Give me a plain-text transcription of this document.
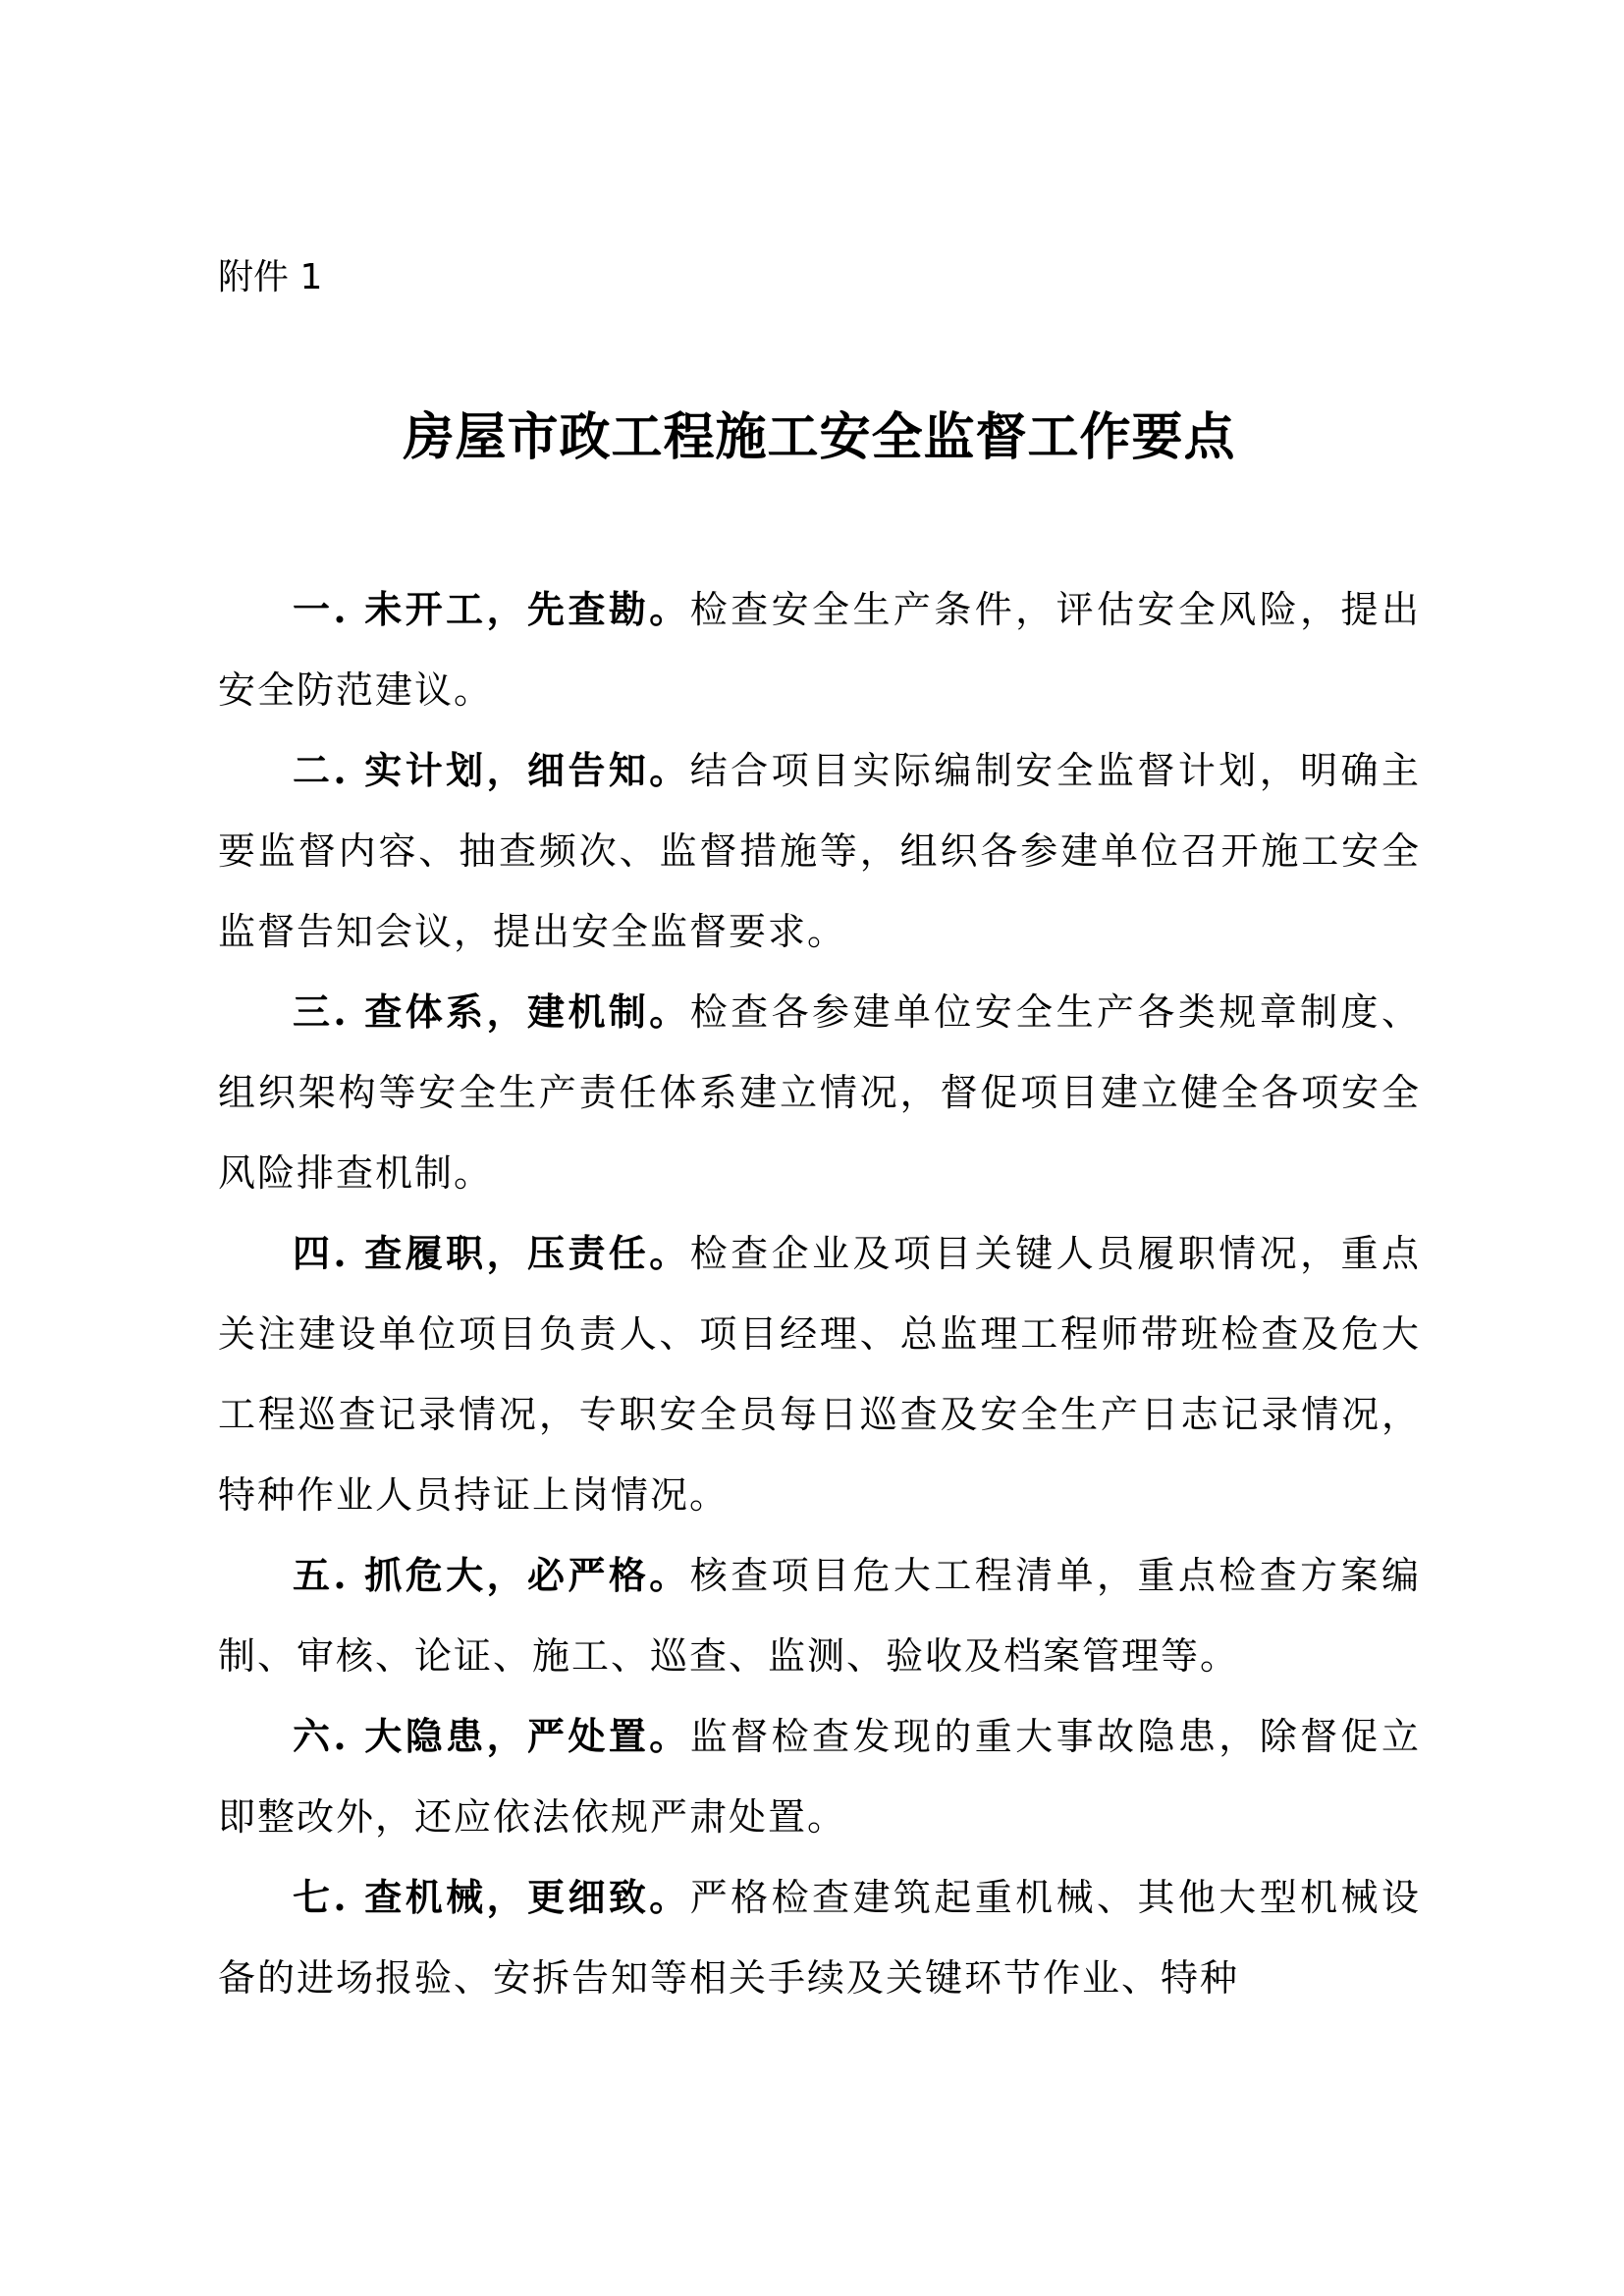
附件 1

房屋市政工程施工安全监督工作要点

一. 未开工，先查勘。检查安全生产条件，评估安全风险，提出安全防范建议。

二. 实计划，细告知。结合项目实际编制安全监督计划，明确主要监督内容、抽查频次、监督措施等，组织各参建单位召开施工安全监督告知会议，提出安全监督要求。

三. 查体系，建机制。检查各参建单位安全生产各类规章制度、组织架构等安全生产责任体系建立情况，督促项目建立健全各项安全风险排查机制。

四. 查履职，压责任。检查企业及项目关键人员履职情况，重点关注建设单位项目负责人、项目经理、总监理工程师带班检查及危大工程巡查记录情况，专职安全员每日巡查及安全生产日志记录情况，特种作业人员持证上岗情况。

五. 抓危大，必严格。核查项目危大工程清单，重点检查方案编制、审核、论证、施工、巡查、监测、验收及档案管理等。

六. 大隐患，严处置。监督检查发现的重大事故隐患，除督促立即整改外，还应依法依规严肃处置。

七. 查机械，更细致。严格检查建筑起重机械、其他大型机械设备的进场报验、安拆告知等相关手续及关键环节作业、特种
